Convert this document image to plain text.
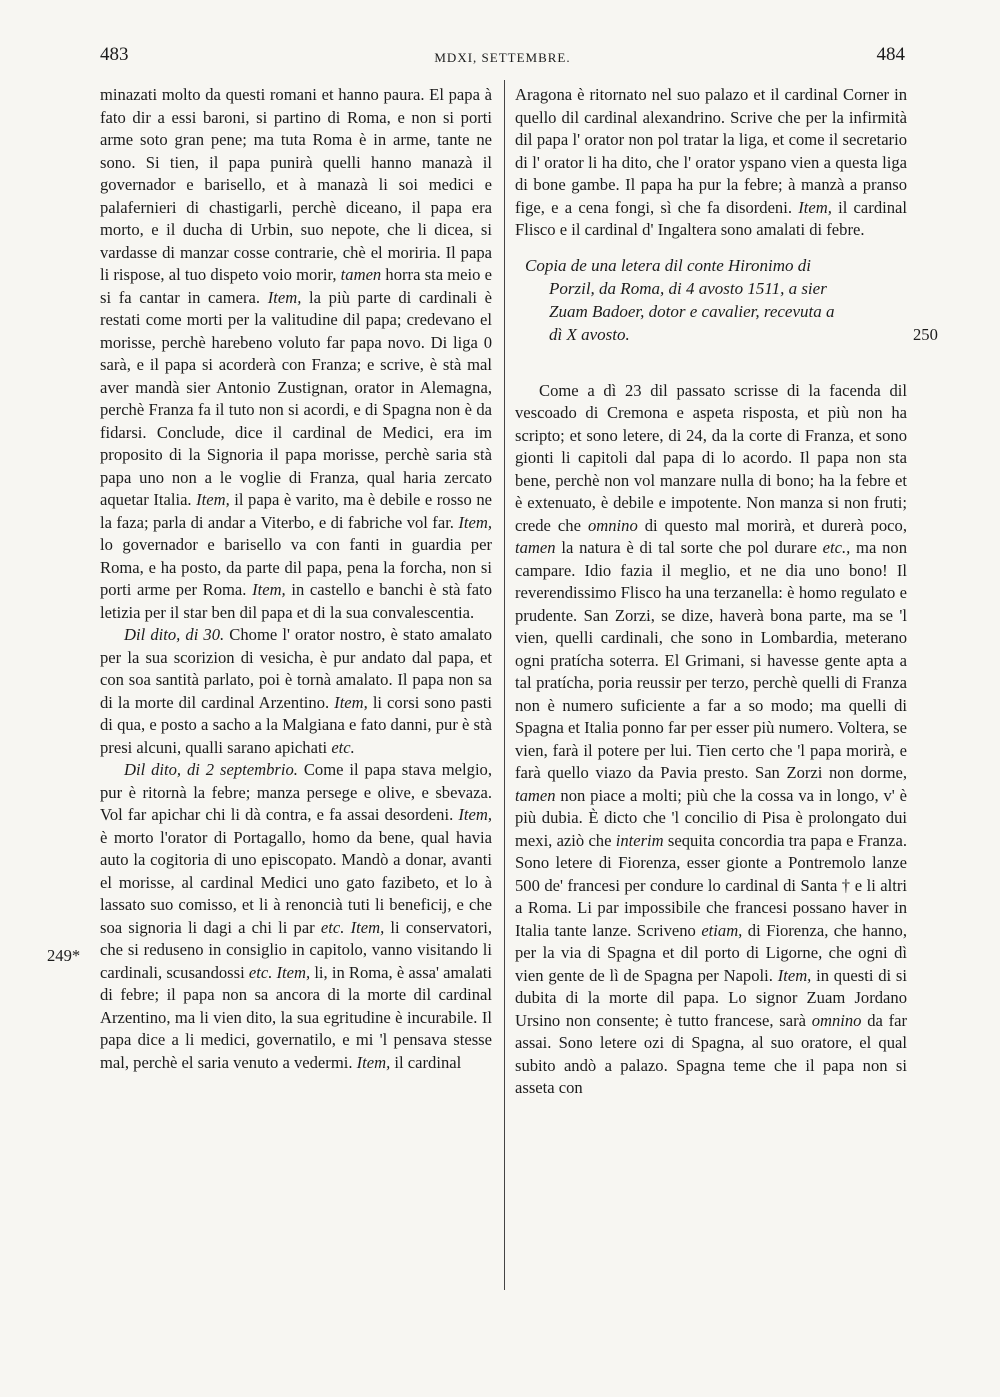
483	MDXI, SETTEMBRE.	484
250
249*

minazati molto da questi romani et hanno paura. El papa à fato dir a essi baroni, si partino di Roma, e non si porti arme soto gran pene; ma tuta Roma è in arme, tante ne sono. Si tien, il papa punirà quelli hanno manazà il governador e barisello, et à manazà li soi medici e palafernieri di chastigarli, perchè diceano, il papa era morto, e il ducha di Urbin, suo nepote, che li dicea, si vardasse di manzar cosse contrarie, chè el moriria. Il papa li rispose, al tuo dispeto voio morir, tamen horra sta meio e si fa cantar in camera. Item, la più parte di cardinali è restati come morti per la valitudine dil papa; credevano el morisse, perchè harebeno voluto far papa novo. Di liga 0 sarà, e il papa si acorderà con Franza; e scrive, è stà mal aver mandà sier Antonio Zustignan, orator in Alemagna, perchè Franza fa il tuto non si acordi, e di Spagna non è da fidarsi. Conclude, dice il cardinal de Medici, era im proposito di la Signoria il papa morisse, perchè saria stà papa uno non a le voglie di Franza, qual haria zercato aquetar Italia. Item, il papa è varito, ma è debile e rosso ne la faza; parla di andar a Viterbo, e di fabriche vol far. Item, lo governador e barisello va con fanti in guardia per Roma, e ha posto, da parte dil papa, pena la forcha, non si porti arme per Roma. Item, in castello e banchi è stà fato letizia per il star ben dil papa et di la sua convalescentia.

Dil dito, di 30. Chome l' orator nostro, è stato amalato per la sua scorizion di vesicha, è pur andato dal papa, et con soa santità parlato, poi è tornà amalato. Il papa non sa di la morte dil cardinal Arzentino. Item, li corsi sono pasti di qua, e posto a sacho a la Malgiana e fato danni, pur è stà presi alcuni, qualli sarano apichati etc.

Dil dito, di 2 septembrio. Come il papa stava melgio, pur è ritornà la febre; manza persege e olive, e sbevaza. Vol far apichar chi li dà contra, e fa assai desordeni. Item, è morto l'orator di Portagallo, homo da bene, qual havia auto la cogitoria di uno episcopato. Mandò a donar, avanti el morisse, al cardinal Medici uno gato fazibeto, et lo à lassato suo comisso, et li à renoncià tuti li beneficij, e che soa signoria li dagi a chi li par etc. Item, li conservatori, che si reduseno in consiglio in capitolo, vanno visitando li cardinali, scusandossi etc. Item, li, in Roma, è assa' amalati di febre; il papa non sa ancora di la morte dil cardinal Arzentino, ma li vien dito, la sua egritudine è incurabile. Il papa dice a li medici, governatilo, e mi 'l pensava stesse mal, perchè el saria venuto a vedermi. Item, il cardinal

Aragona è ritornato nel suo palazo et il cardinal Corner in quello dil cardinal alexandrino. Scrive che per la infirmità dil papa l' orator non pol tratar la liga, et come il secretario di l' orator li ha dito, che l' orator yspano vien a questa liga di bone gambe. Il papa ha pur la febre; à manzà a pranso fige, e a cena fongi, sì che fa disordeni. Item, il cardinal Flisco e il cardinal d' Ingaltera sono amalati di febre.

Copia de una letera dil conte Hironimo di
Porzil, da Roma, di 4 avosto 1511, a sier
Zuam Badoer, dotor e cavalier, recevuta a
dì X avosto.

Come a dì 23 dil passato scrisse di la facenda dil vescoado di Cremona e aspeta risposta, et più non ha scripto; et sono letere, di 24, da la corte di Franza, et sono gionti li capitoli dal papa di lo acordo. Il papa non sta bene, perchè non vol manzare nulla di bono; ha la febre et è extenuato, è debile e impotente. Non manza si non fruti; crede che omnino di questo mal morirà, et durerà poco, tamen la natura è di tal sorte che pol durare etc., ma non campare. Idio fazia il meglio, et ne dia uno bono! Il reverendissimo Flisco ha una terzanella: è homo regulato e prudente. San Zorzi, se dize, haverà bona parte, ma se 'l vien, quelli cardinali, che sono in Lombardia, meterano ogni pratícha soterra. El Grimani, si havesse gente apta a tal pratícha, poria reussir per terzo, perchè quelli di Franza non è numero suficiente a far a so modo; ma quelli di Spagna et Italia ponno far per esser più numero. Voltera, se vien, farà il potere per lui. Tien certo che 'l papa morirà, e farà quello viazo da Pavia presto. San Zorzi non dorme, tamen non piace a molti; più che la cossa va in longo, v' è più dubia. È dicto che 'l concilio di Pisa è prolongato dui mexi, aziò che interim sequita concordia tra papa e Franza. Sono letere di Fiorenza, esser gionte a Pontremolo lanze 500 de' francesi per condure lo cardinal di Santa † e li altri a Roma. Li par impossibile che francesi possano haver in Italia tante lanze. Scriveno etiam, di Fiorenza, che hanno, per la via di Spagna et dil porto di Ligorne, che ogni dì vien gente de lì de Spagna per Napoli. Item, in questi di si dubita di la morte dil papa. Lo signor Zuam Jordano Ursino non consente; è tutto francese, sarà omnino da far assai. Sono letere ozi di Spagna, al suo oratore, el qual subito andò a palazo. Spagna teme che il papa non si asseta con
